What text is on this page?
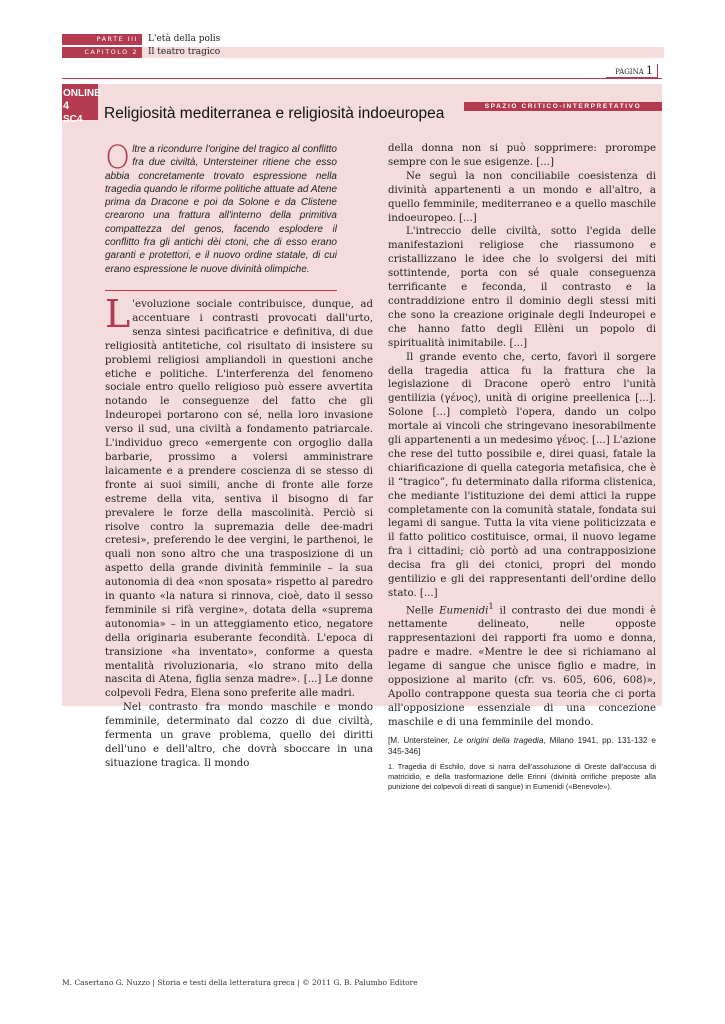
PARTE III	L'età della polis
CAPITOLO 2	Il teatro tragico
PAGINA 1
ONLINE 4
SC4
SPAZIO CRITICO-INTERPRETATIVO
Religiosità mediterranea e religiosità indoeuropea
Oltre a ricondurre l'origine del tragico al conflitto fra due civiltà, Untersteiner ritiene che esso abbia concretamente trovato espressione nella tragedia quando le riforme politiche attuate ad Atene prima da Dracone e poi da Solone e da Clistene crearono una frattura all'interno della primitiva compattezza del genos, facendo esplodere il conflitto fra gli antichi dèi ctoni, che di esso erano garanti e protettori, e il nuovo ordine statale, di cui erano espressione le nuove divinità olimpiche.

L 'evoluzione sociale contribuisce, dunque, ad accentuare i contrasti provocati dall'urto, senza sintesi pacificatrice e definitiva, di due religiosità antitetiche, col risultato di insistere su problemi religiosi ampliandoli in questioni anche etiche e politiche. L'interferenza del fenomeno sociale entro quello religioso può essere avvertita notando le conseguenze del fatto che gli Indeuropei portarono con sé, nella loro invasione verso il sud, una civiltà a fondamento patriarcale. L'individuo greco «emergente con orgoglio dalla barbarie, prossimo a volersi amministrare laicamente e a prendere coscienza di se stesso di fronte ai suoi simili, anche di fronte alle forze estreme della vita, sentiva il bisogno di far prevalere le forze della mascolinità. Perciò si risolve contro la supremazia delle dee-madri cretesi», preferendo le dee vergini, le parthenoi, le quali non sono altro che una trasposizione di un aspetto della grande divinità femminile – la sua autonomia di dea «non sposata» rispetto al paredro in quanto «la natura si rinnova, cioè, dato il sesso femminile si rifà vergine», dotata della «suprema autonomia» – in un atteggiamento etico, negatore della originaria esuberante fecondità. L'epoca di transizione «ha inventato», conforme a questa mentalità rivoluzionaria, «lo strano mito della nascita di Atena, figlia senza madre». [...] Le donne colpevoli Fedra, Elena sono preferite alle madri.

Nel contrasto fra mondo maschile e mondo femminile, determinato dal cozzo di due civiltà, fermenta un grave problema, quello dei diritti dell'uno e dell'altro, che dovrà sboccare in una situazione tragica. Il mondo

della donna non si può sopprimere: prorompe sempre con le sue esigenze. [...]

Ne seguì la non conciliabile coesistenza di divinità appartenenti a un mondo e all'altro, a quello femminile, mediterraneo e a quello maschile indoeuropeo. [...]

L'intreccio delle civiltà, sotto l'egida delle manifestazioni religiose che riassumono e cristallizzano le idee che lo svolgersi dei miti sottintende, porta con sé quale conseguenza terrificante e feconda, il contrasto e la contraddizione entro il dominio degli stessi miti che sono la creazione originale degli Indeuropei e che hanno fatto degli Ellèni un popolo di spiritualità inimitabile. [...]

Il grande evento che, certo, favorì il sorgere della tragedia attica fu la frattura che la legislazione di Dracone operò entro l'unità gentilizia (γένος), unità di origine preellenica [...]. Solone [...] completò l'opera, dando un colpo mortale ai vincoli che stringevano inesorabilmente gli appartenenti a un medesimo γένος. [...] L'azione che rese del tutto possibile e, direi quasi, fatale la chiarificazione di quella categoria metafisica, che è il “tragico”, fu determinato dalla riforma clistenica, che mediante l'istituzione dei demi attici la ruppe completamente con la comunità statale, fondata sui legami di sangue. Tutta la vita viene politicizzata e il fatto politico costituisce, ormai, il nuovo legame fra i cittadini; ciò portò ad una contrapposizione decisa fra gli dei ctonici, propri del mondo gentilizio e gli dei rappresentanti dell'ordine dello stato. [...]

Nelle Eumenidi$^1$ il contrasto dei due mondi è nettamente delineato, nelle opposte rappresentazioni dei rapporti fra uomo e donna, padre e madre. «Mentre le dee si richiamano al legame di sangue che unisce figlio e madre, in opposizione al marito (cfr. vs. 605, 606, 608)», Apollo contrappone questa sua teoria che ci porta all'opposizione essenziale di una concezione maschile e di una femminile del mondo.

[M. Untersteiner, Le origini della tragedia, Milano 1941, pp. 131-132 e 345-346]

1. Tragedia di Eschilo, dove si narra dell'assoluzione di Oreste dall'accusa di matricidio, e della trasformazione delle Erinni (divinità orrifiche preposte alla punizione dei colpevoli di reati di sangue) in Eumenidi («Benevole»).

M. Casertano G. Nuzzo | Storia e testi della letteratura greca | © 2011 G. B. Palumbo Editore
